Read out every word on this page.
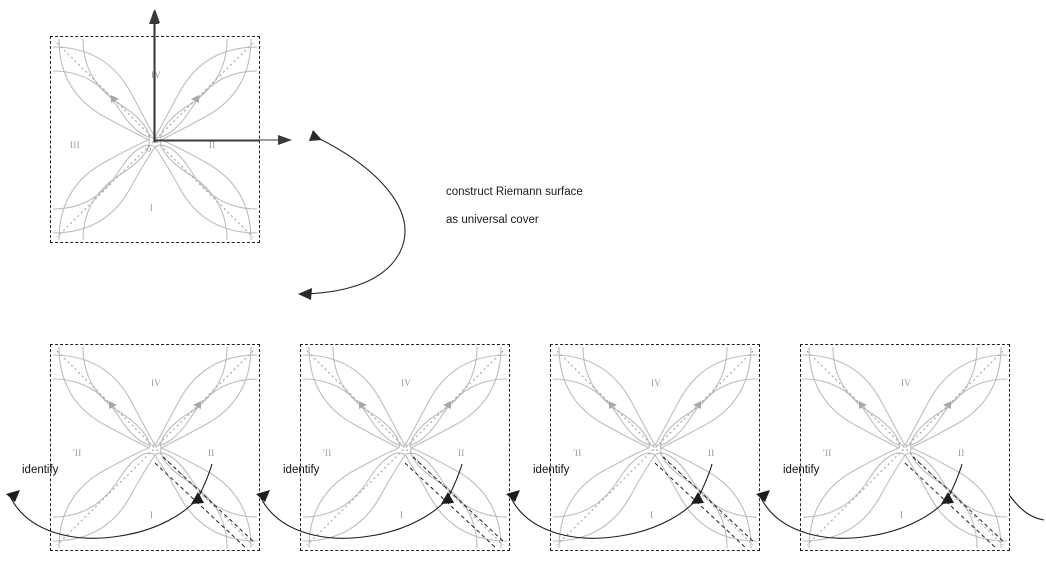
IV
III	II
I
0
construct Riemann surface
as universal cover
IV
'II	II
I
identify
IV
'II	II
I
identify
IV
'II	II
I
identify
IV
'II	II
I
identify
